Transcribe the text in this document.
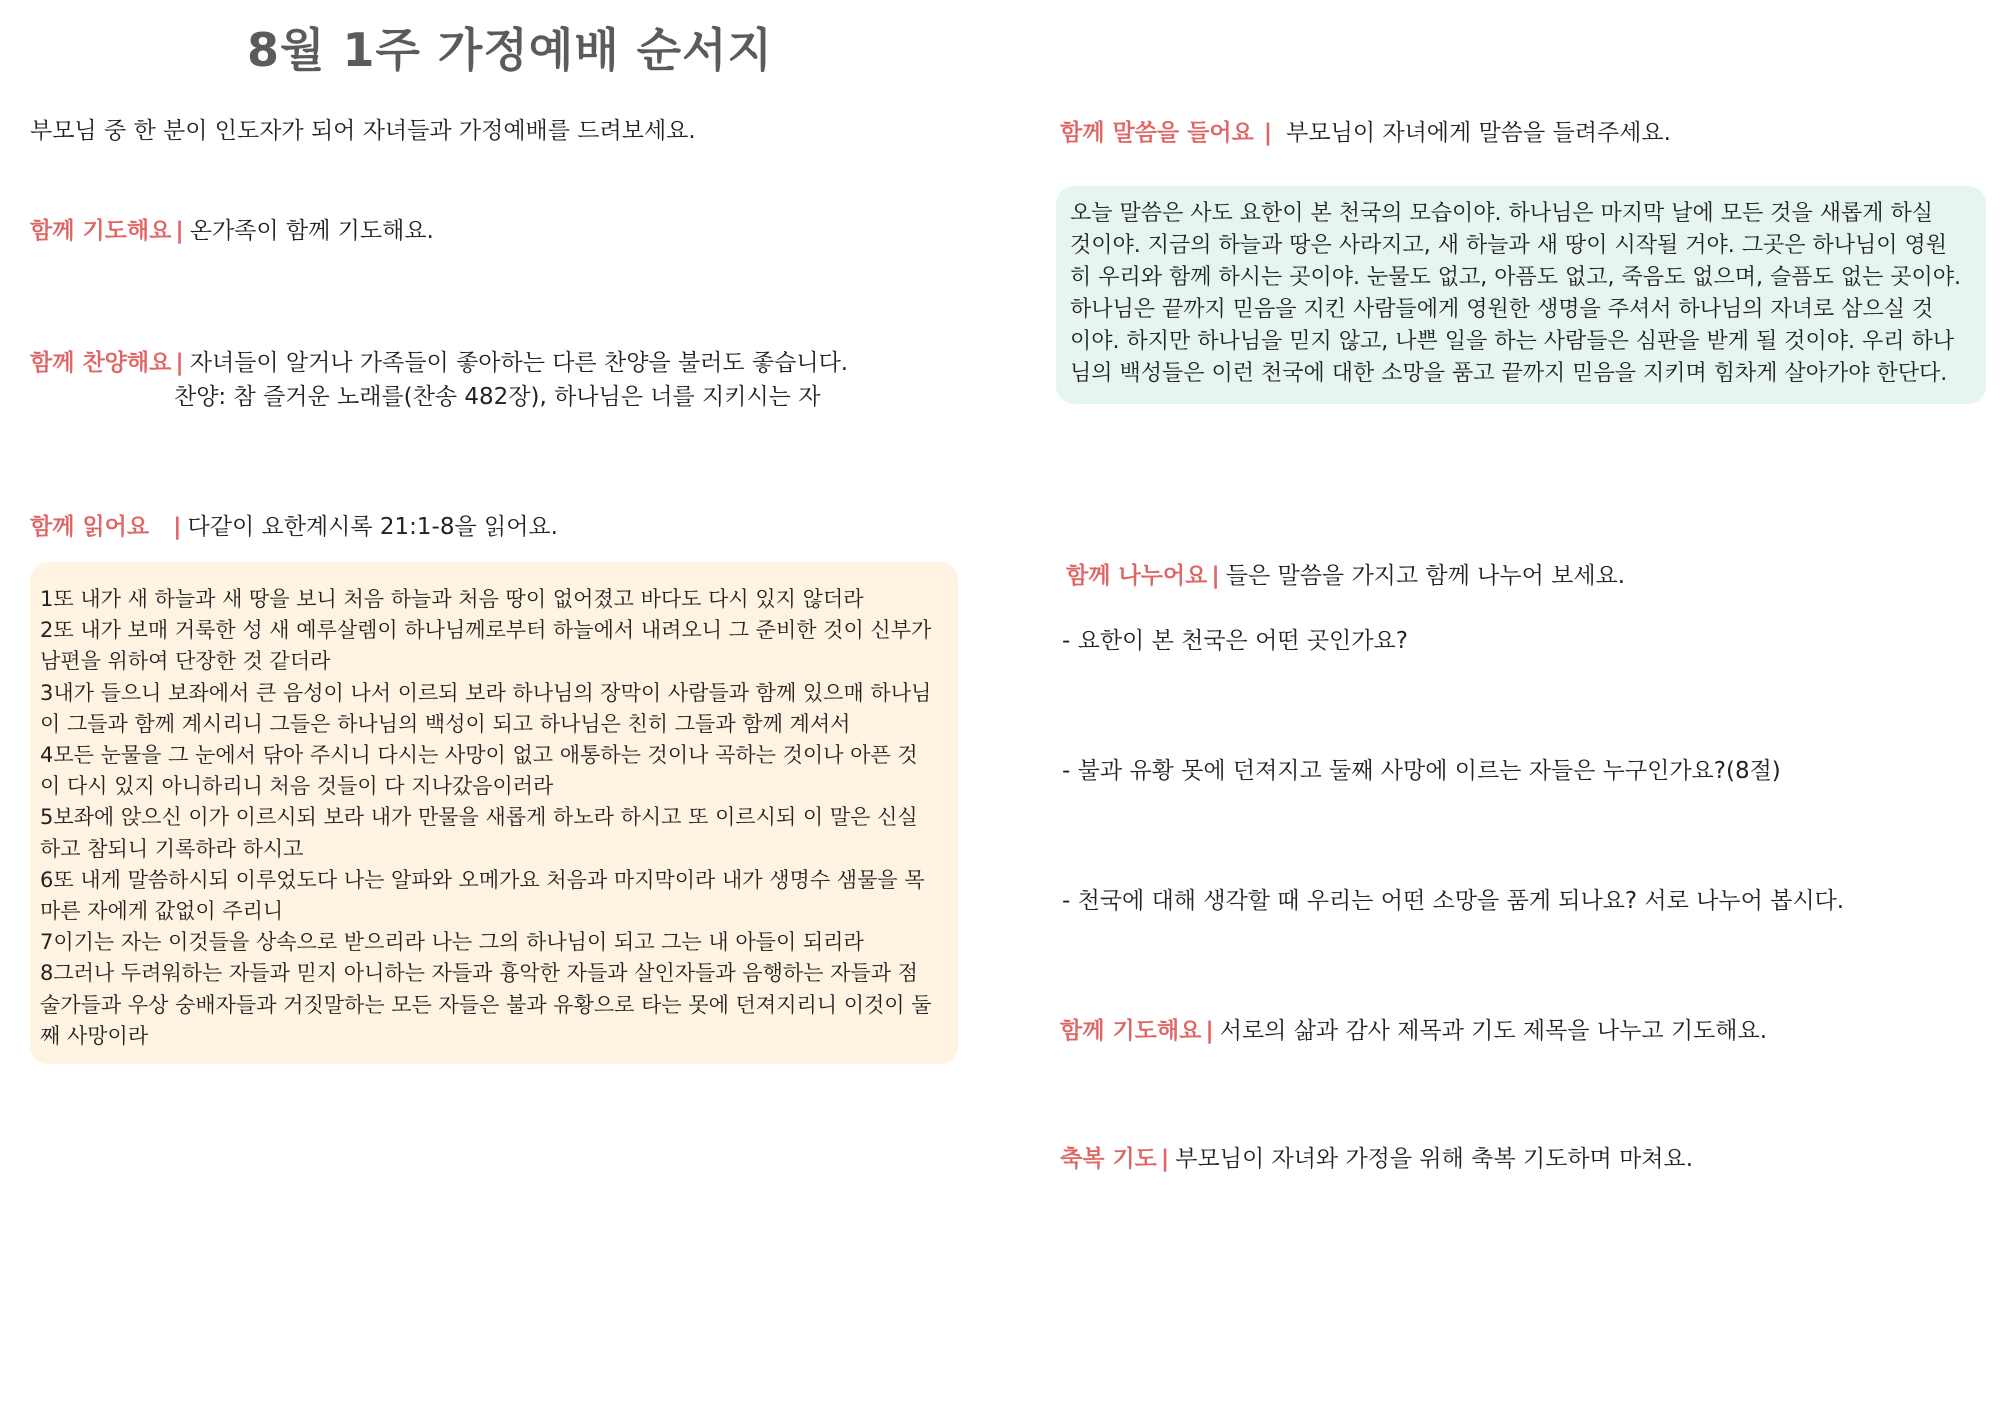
8월 1주 가정예배 순서지
부모님 중 한 분이 인도자가 되어 자녀들과 가정예배를 드려보세요.
함께 기도해요 | 온가족이 함께 기도해요.
함께 찬양해요 | 자녀들이 알거나 가족들이 좋아하는 다른 찬양을 불러도 좋습니다.
찬양: 참 즐거운 노래를(찬송 482장), 하나님은 너를 지키시는 자
함께 읽어요 | 다같이 요한계시록 21:1-8을 읽어요.
1또 내가 새 하늘과 새 땅을 보니 처음 하늘과 처음 땅이 없어졌고 바다도 다시 있지 않더라
2또 내가 보매 거룩한 성 새 예루살렘이 하나님께로부터 하늘에서 내려오니 그 준비한 것이 신부가
남편을 위하여 단장한 것 같더라
3내가 들으니 보좌에서 큰 음성이 나서 이르되 보라 하나님의 장막이 사람들과 함께 있으매 하나님
이 그들과 함께 계시리니 그들은 하나님의 백성이 되고 하나님은 친히 그들과 함께 계셔서
4모든 눈물을 그 눈에서 닦아 주시니 다시는 사망이 없고 애통하는 것이나 곡하는 것이나 아픈 것
이 다시 있지 아니하리니 처음 것들이 다 지나갔음이러라
5보좌에 앉으신 이가 이르시되 보라 내가 만물을 새롭게 하노라 하시고 또 이르시되 이 말은 신실
하고 참되니 기록하라 하시고
6또 내게 말씀하시되 이루었도다 나는 알파와 오메가요 처음과 마지막이라 내가 생명수 샘물을 목
마른 자에게 값없이 주리니
7이기는 자는 이것들을 상속으로 받으리라 나는 그의 하나님이 되고 그는 내 아들이 되리라
8그러나 두려워하는 자들과 믿지 아니하는 자들과 흉악한 자들과 살인자들과 음행하는 자들과 점
술가들과 우상 숭배자들과 거짓말하는 모든 자들은 불과 유황으로 타는 못에 던져지리니 이것이 둘
째 사망이라
함께 말씀을 들어요 | 부모님이 자녀에게 말씀을 들려주세요.
오늘 말씀은 사도 요한이 본 천국의 모습이야. 하나님은 마지막 날에 모든 것을 새롭게 하실
것이야. 지금의 하늘과 땅은 사라지고, 새 하늘과 새 땅이 시작될 거야. 그곳은 하나님이 영원
히 우리와 함께 하시는 곳이야. 눈물도 없고, 아픔도 없고, 죽음도 없으며, 슬픔도 없는 곳이야.
하나님은 끝까지 믿음을 지킨 사람들에게 영원한 생명을 주셔서 하나님의 자녀로 삼으실 것
이야. 하지만 하나님을 믿지 않고, 나쁜 일을 하는 사람들은 심판을 받게 될 것이야. 우리 하나
님의 백성들은 이런 천국에 대한 소망을 품고 끝까지 믿음을 지키며 힘차게 살아가야 한단다.
함께 나누어요 | 들은 말씀을 가지고 함께 나누어 보세요.
- 요한이 본 천국은 어떤 곳인가요?
- 불과 유황 못에 던져지고 둘째 사망에 이르는 자들은 누구인가요?(8절)
- 천국에 대해 생각할 때 우리는 어떤 소망을 품게 되나요? 서로 나누어 봅시다.
함께 기도해요 | 서로의 삶과 감사 제목과 기도 제목을 나누고 기도해요.
축복 기도 | 부모님이 자녀와 가정을 위해 축복 기도하며 마쳐요.
